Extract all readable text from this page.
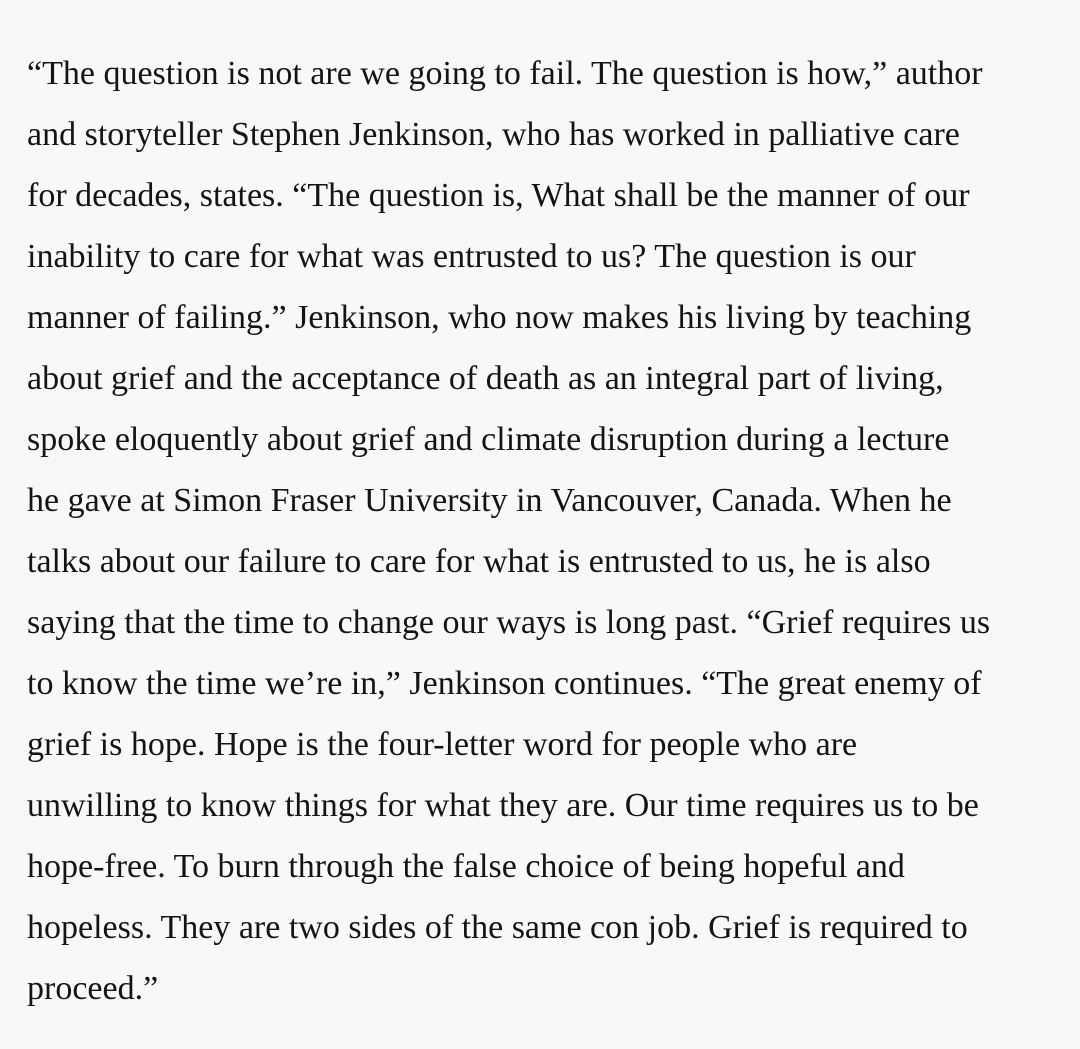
“The question is not are we going to fail. The question is how,” author
and storyteller Stephen Jenkinson, who has worked in palliative care
for decades, states. “The question is, What shall be the manner of our
inability to care for what was entrusted to us? The question is our
manner of failing.” Jenkinson, who now makes his living by teaching
about grief and the acceptance of death as an integral part of living,
spoke eloquently about grief and climate disruption during a lecture
he gave at Simon Fraser University in Vancouver, Canada. When he
talks about our failure to care for what is entrusted to us, he is also
saying that the time to change our ways is long past. “Grief requires us
to know the time we’re in,” Jenkinson continues. “The great enemy of
grief is hope. Hope is the four-letter word for people who are
unwilling to know things for what they are. Our time requires us to be
hope-free. To burn through the false choice of being hopeful and
hopeless. They are two sides of the same con job. Grief is required to
proceed.”
